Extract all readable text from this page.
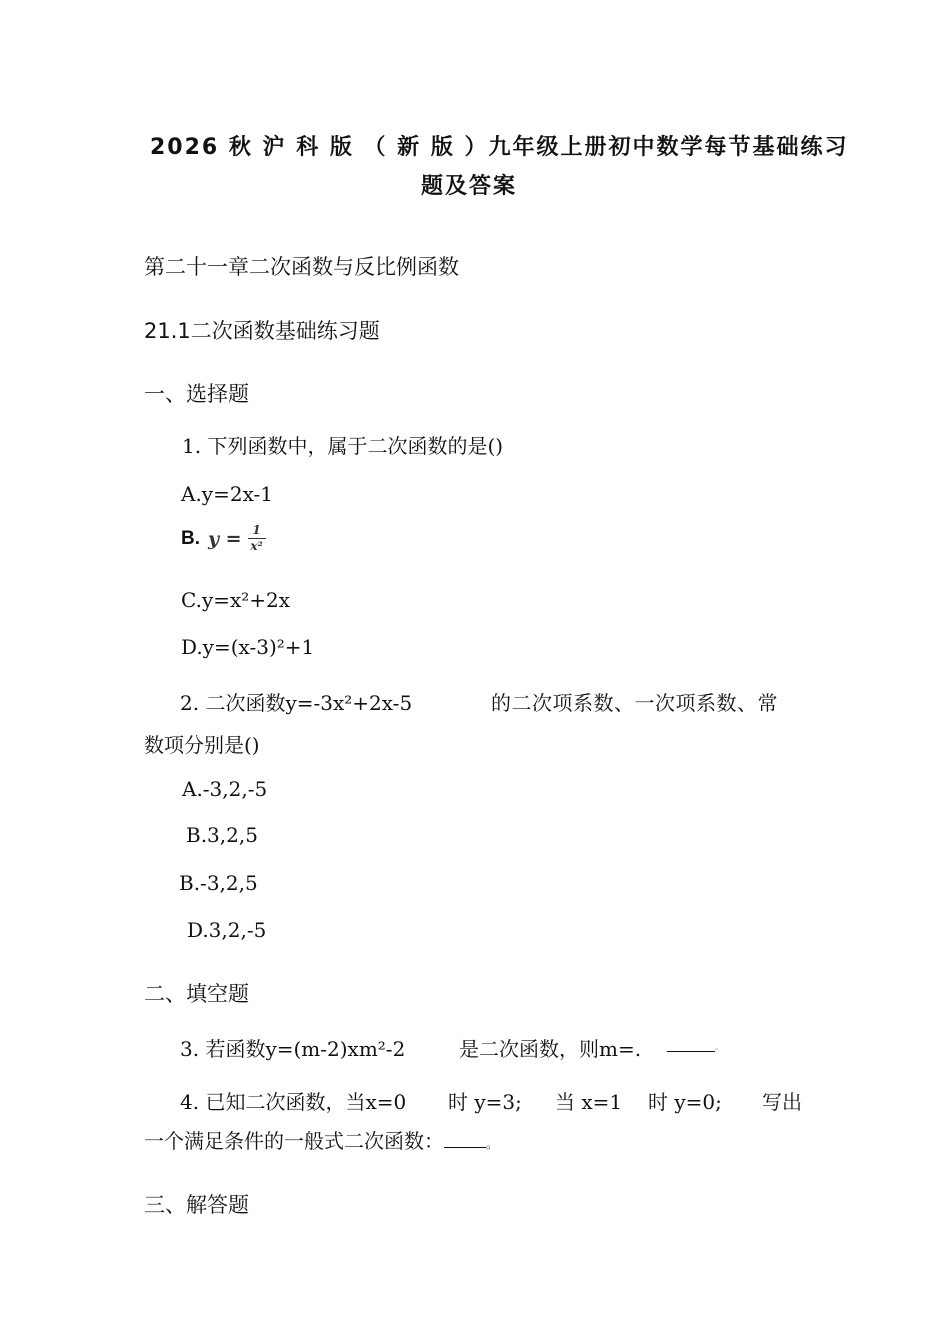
2026 秋 沪 科 版 （ 新 版 ）九年级上册初中数学每节基础练习
题及答案
第二十一章二次函数与反比例函数
21.1二次函数基础练习题
一、选择题
1. 下列函数中，属于二次函数的是()
A.y=2x-1
B. $y = \frac{1}{\text{x²}}$
C.y=x²+2x
D.y=(x-3)²+1
2. 二次函数y=-3x²+2x-5	的二次项系数、一次项系数、常
数项分别是()
A.-3,2,-5
B.3,2,5
B.-3,2,5
D.3,2,-5
二、填空题
3. 若函数y=(m-2)xm²-2	是二次函数，则m=.	-
4. 已知二次函数，当x=0 时 y=3; 当 x=1 时 y=0; 写出
一个满足条件的一般式二次函数：	。
三、解答题
